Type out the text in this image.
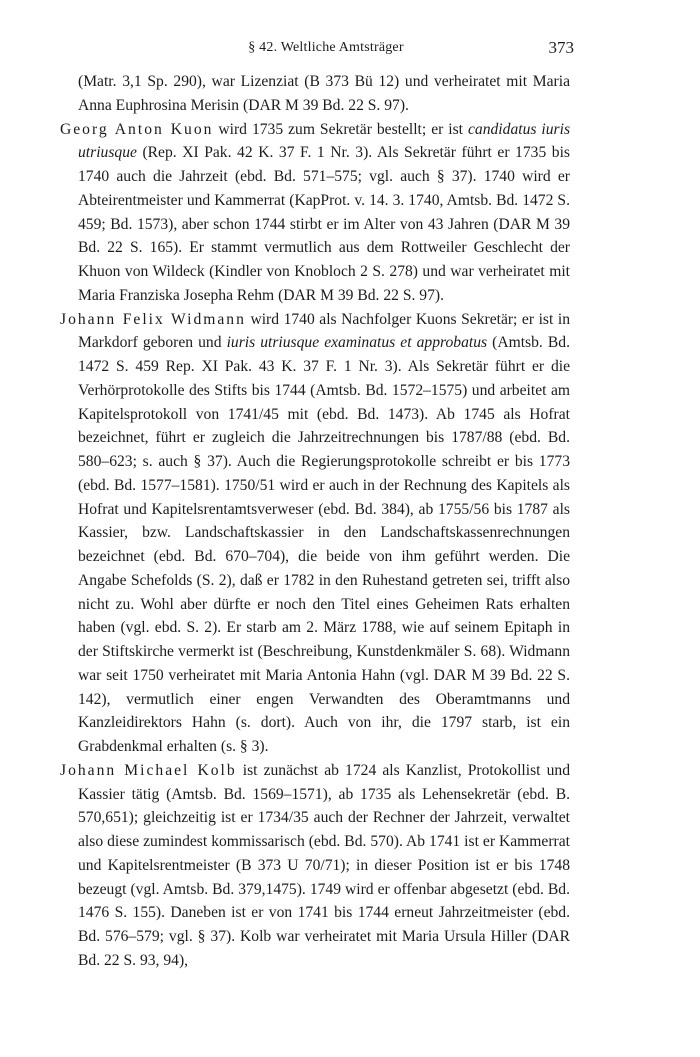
§ 42. Weltliche Amtsträger	373

(Matr. 3,1 Sp. 290), war Lizenziat (B 373 Bü 12) und verheiratet mit Maria Anna Euphrosina Merisin (DAR M 39 Bd. 22 S. 97).

Georg Anton Kuon wird 1735 zum Sekretär bestellt; er ist candidatus iuris utriusque (Rep. XI Pak. 42 K. 37 F. 1 Nr. 3). Als Sekretär führt er 1735 bis 1740 auch die Jahrzeit (ebd. Bd. 571–575; vgl. auch § 37). 1740 wird er Abteirentmeister und Kammerrat (KapProt. v. 14. 3. 1740, Amtsb. Bd. 1472 S. 459; Bd. 1573), aber schon 1744 stirbt er im Alter von 43 Jahren (DAR M 39 Bd. 22 S. 165). Er stammt vermutlich aus dem Rottweiler Geschlecht der Khuon von Wildeck (Kindler von Knobloch 2 S. 278) und war verheiratet mit Maria Franziska Josepha Rehm (DAR M 39 Bd. 22 S. 97).

Johann Felix Widmann wird 1740 als Nachfolger Kuons Sekretär; er ist in Markdorf geboren und iuris utriusque examinatus et approbatus (Amtsb. Bd. 1472 S. 459 Rep. XI Pak. 43 K. 37 F. 1 Nr. 3). Als Sekretär führt er die Verhörprotokolle des Stifts bis 1744 (Amtsb. Bd. 1572–1575) und arbeitet am Kapitelsprotokoll von 1741/45 mit (ebd. Bd. 1473). Ab 1745 als Hofrat bezeichnet, führt er zugleich die Jahrzeitrechnungen bis 1787/88 (ebd. Bd. 580–623; s. auch § 37). Auch die Regierungsprotokolle schreibt er bis 1773 (ebd. Bd. 1577–1581). 1750/51 wird er auch in der Rechnung des Kapitels als Hofrat und Kapitelsrentamtsverweser (ebd. Bd. 384), ab 1755/56 bis 1787 als Kassier, bzw. Landschaftskassier in den Landschaftskassenrechnungen bezeichnet (ebd. Bd. 670–704), die beide von ihm geführt werden. Die Angabe Schefolds (S. 2), daß er 1782 in den Ruhestand getreten sei, trifft also nicht zu. Wohl aber dürfte er noch den Titel eines Geheimen Rats erhalten haben (vgl. ebd. S. 2). Er starb am 2. März 1788, wie auf seinem Epitaph in der Stiftskirche vermerkt ist (Beschreibung, Kunstdenkmäler S. 68). Widmann war seit 1750 verheiratet mit Maria Antonia Hahn (vgl. DAR M 39 Bd. 22 S. 142), vermutlich einer engen Verwandten des Oberamtmanns und Kanzleidirektors Hahn (s. dort). Auch von ihr, die 1797 starb, ist ein Grabdenkmal erhalten (s. § 3).

Johann Michael Kolb ist zunächst ab 1724 als Kanzlist, Protokollist und Kassier tätig (Amtsb. Bd. 1569–1571), ab 1735 als Lehensekretär (ebd. B. 570,651); gleichzeitig ist er 1734/35 auch der Rechner der Jahrzeit, verwaltet also diese zumindest kommissarisch (ebd. Bd. 570). Ab 1741 ist er Kammerrat und Kapitelsrentmeister (B 373 U 70/71); in dieser Position ist er bis 1748 bezeugt (vgl. Amtsb. Bd. 379,1475). 1749 wird er offenbar abgesetzt (ebd. Bd. 1476 S. 155). Daneben ist er von 1741 bis 1744 erneut Jahrzeitmeister (ebd. Bd. 576–579; vgl. § 37). Kolb war verheiratet mit Maria Ursula Hiller (DAR Bd. 22 S. 93, 94),
